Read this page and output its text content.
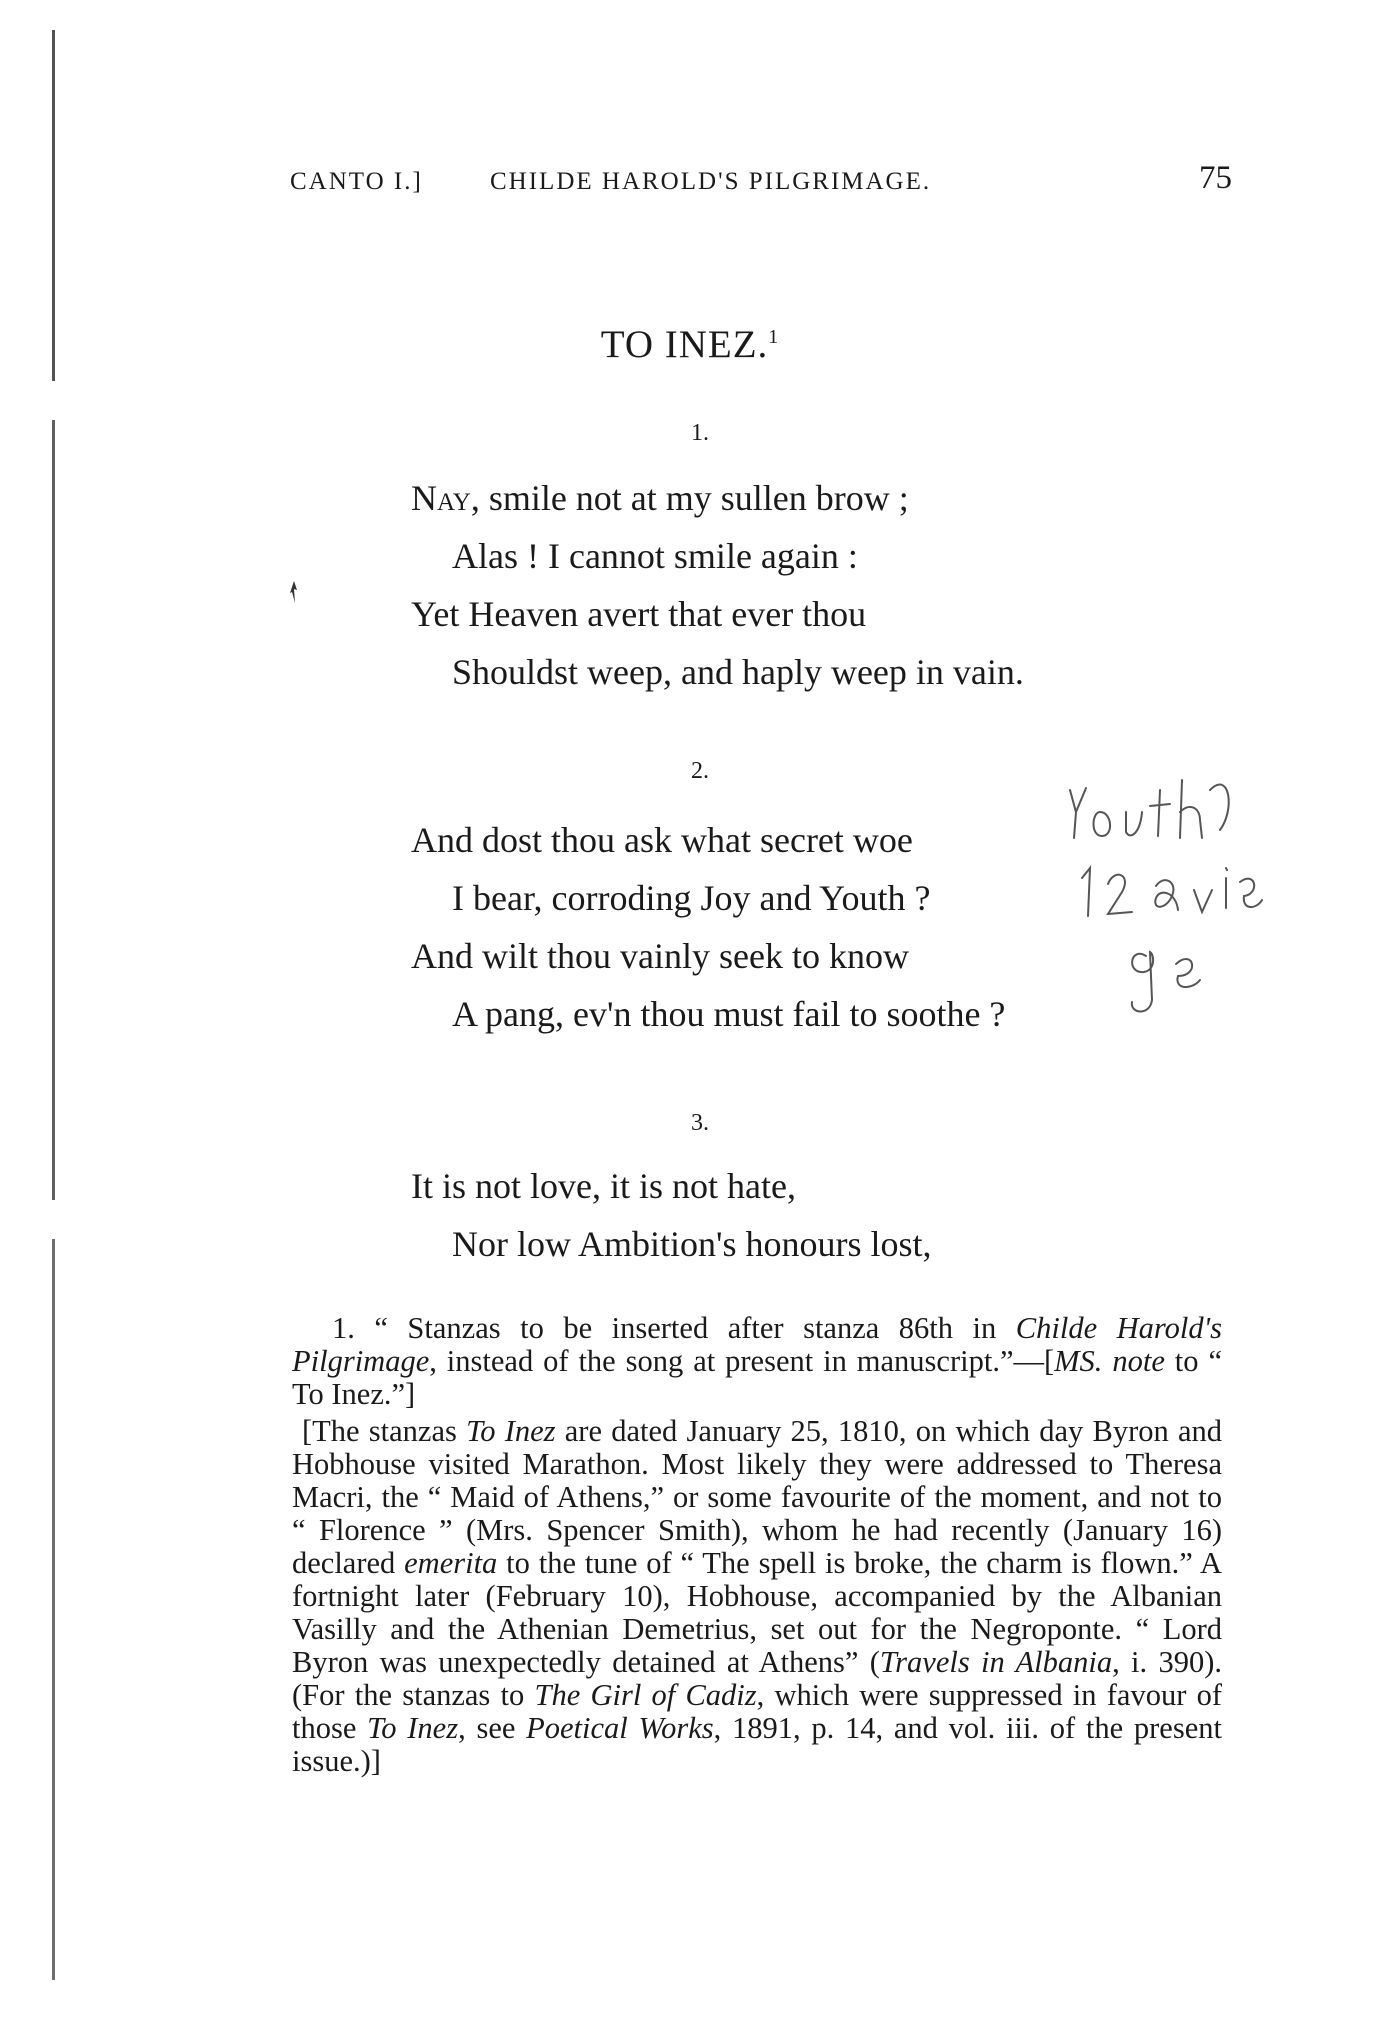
CANTO I.]	CHILDE HAROLD'S PILGRIMAGE.	75
TO INEZ.$^1$
1.
Nay, smile not at my sullen brow ;
Alas ! I cannot smile again :
Yet Heaven avert that ever thou
Shouldst weep, and haply weep in vain.
2.
And dost thou ask what secret woe
I bear, corroding Joy and Youth ?
And wilt thou vainly seek to know
A pang, ev'n thou must fail to soothe ?
3.
It is not love, it is not hate,
Nor low Ambition's honours lost,

1. “ Stanzas to be inserted after stanza 86th in Childe Harold's Pilgrimage, instead of the song at present in manuscript.”—[MS. note to “ To Inez.”]

[The stanzas To Inez are dated January 25, 1810, on which day Byron and Hobhouse visited Marathon. Most likely they were addressed to Theresa Macri, the “ Maid of Athens,” or some favourite of the moment, and not to “ Florence ” (Mrs. Spencer Smith), whom he had recently (January 16) declared emerita to the tune of “ The spell is broke, the charm is flown.” A fortnight later (February 10), Hobhouse, accompanied by the Albanian Vasilly and the Athenian Demetrius, set out for the Negroponte. “ Lord Byron was unexpectedly detained at Athens” (Travels in Albania, i. 390). (For the stanzas to The Girl of Cadiz, which were suppressed in favour of those To Inez, see Poetical Works, 1891, p. 14, and vol. iii. of the present issue.)]
